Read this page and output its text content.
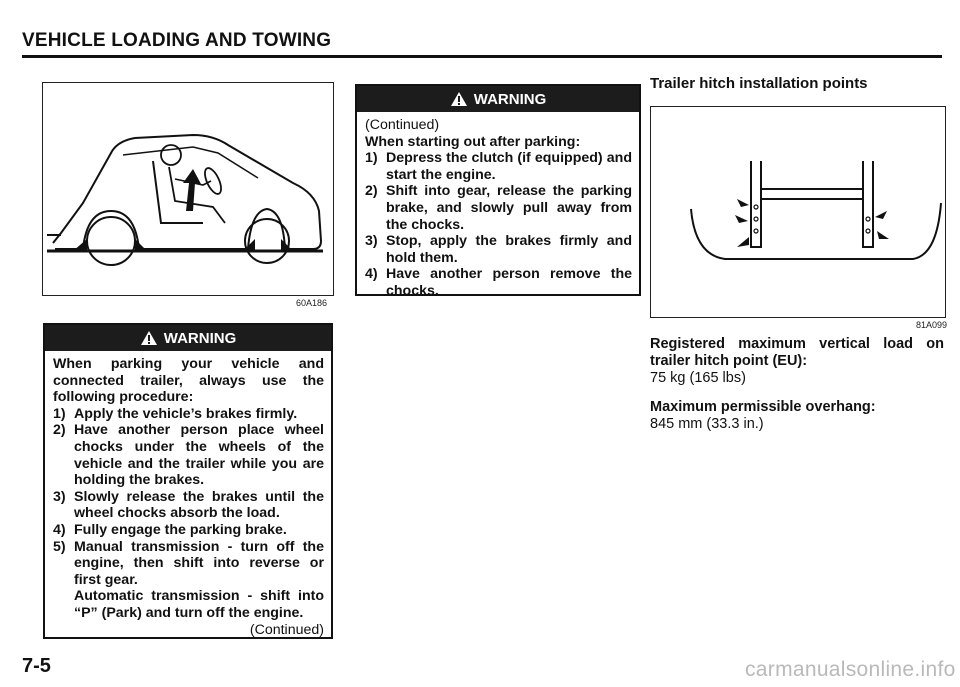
VEHICLE LOADING AND TOWING
60A186
WARNING
When parking your vehicle and connected trailer, always use the following procedure:
1) Apply the vehicle’s brakes firmly.
2) Have another person place wheel chocks under the wheels of the vehicle and the trailer while you are holding the brakes.
3) Slowly release the brakes until the wheel chocks absorb the load.
4) Fully engage the parking brake.
5) Manual transmission - turn off the engine, then shift into reverse or first gear.
Automatic transmission - shift into “P” (Park) and turn off the engine.
(Continued)
WARNING
(Continued)
When starting out after parking:
1) Depress the clutch (if equipped) and start the engine.
2) Shift into gear, release the parking brake, and slowly pull away from the chocks.
3) Stop, apply the brakes firmly and hold them.
4) Have another person remove the chocks.
Trailer hitch installation points
81A099
Registered maximum vertical load on trailer hitch point (EU):
75 kg (165 lbs)
Maximum permissible overhang:
845 mm (33.3 in.)
7-5	carmanualsonline.info
